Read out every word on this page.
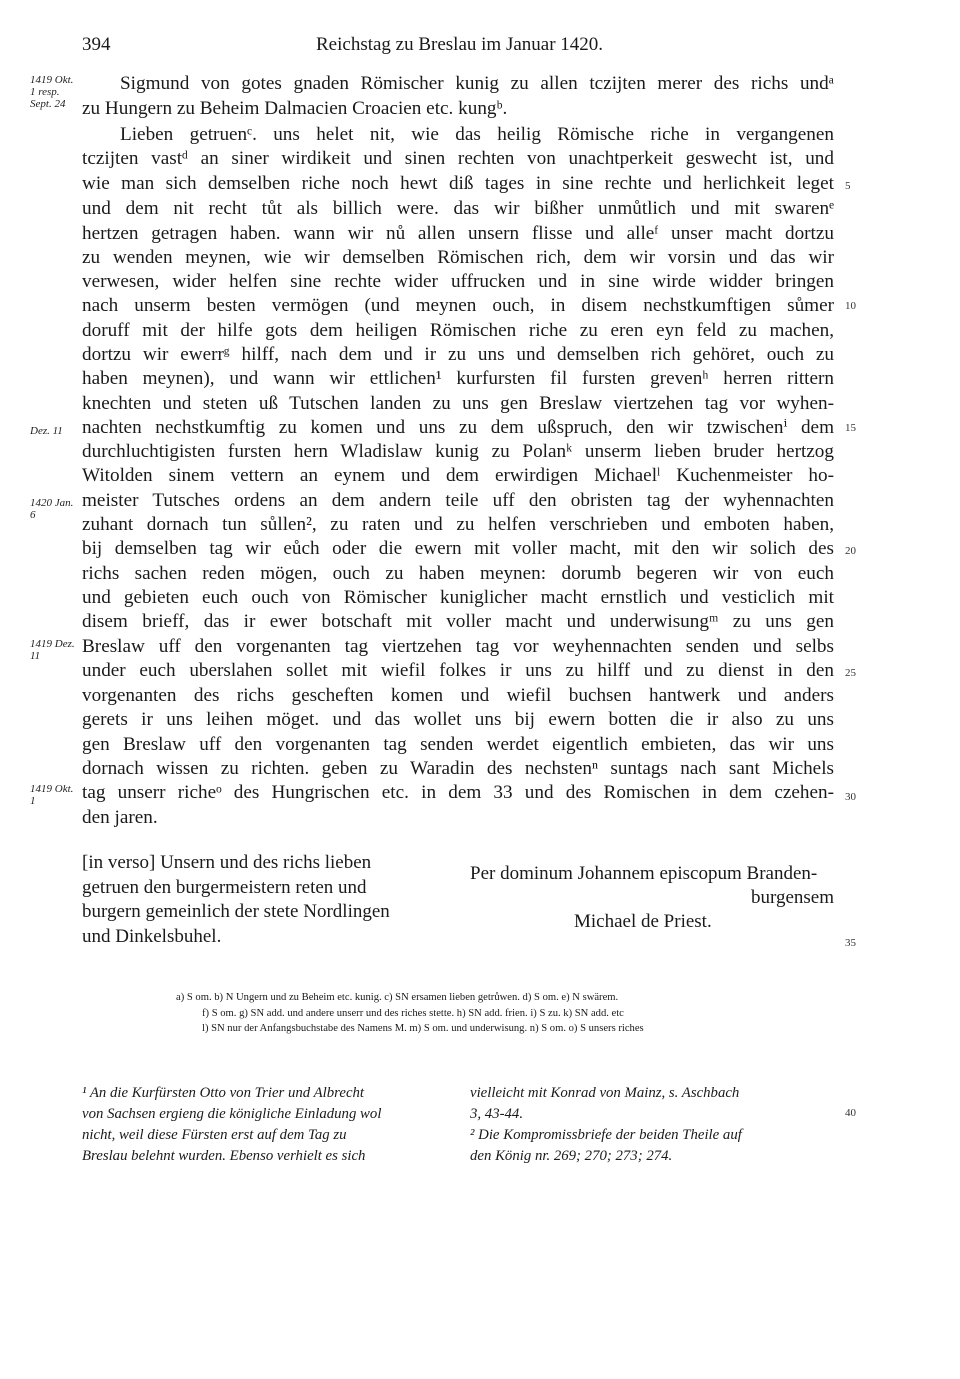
394	Reichstag zu Breslau im Januar 1420.
1419 Okt. 1 resp. Sept. 24
Dez. 11
1420 Jan. 6
1419 Dez. 11
1419 Okt. 1
5
10
15
20
25
30
35
40
Sigmund von gotes gnaden Römischer kunig zu allen tczijten merer des richs undᵃ
zu Hungern zu Beheim Dalmacien Croacien etc. kungᵇ.
Lieben getruenᶜ. uns helet nit, wie das heilig Römische riche in vergangenen
tczijten vastᵈ an siner wirdikeit und sinen rechten von unachtperkeit geswecht ist, und
wie man sich demselben riche noch hewt diß tages in sine rechte und herlichkeit leget
und dem nit recht tůt als billich were. das wir bißher unmůtlich und mit swarenᵉ
hertzen getragen haben. wann wir nů allen unsern flisse und alleᶠ unser macht dortzu
zu wenden meynen, wie wir demselben Römischen rich, dem wir vorsin und das wir
verwesen, wider helfen sine rechte wider uffrucken und in sine wirde widder bringen
nach unserm besten vermögen (und meynen ouch, in disem nechstkumftigen sůmer
doruff mit der hilfe gots dem heiligen Römischen riche zu eren eyn feld zu machen,
dortzu wir ewerrᵍ hilff, nach dem und ir zu uns und demselben rich gehöret, ouch zu
haben meynen), und wann wir ettlichen¹ kurfursten fil fursten grevenʰ herren rittern
knechten und steten uß Tutschen landen zu uns gen Breslaw viertzehen tag vor wyhen-
nachten nechstkumftig zu komen und uns zu dem ußspruch, den wir tzwischenⁱ dem
durchluchtigisten fursten hern Wladislaw kunig zu Polanᵏ unserm lieben bruder hertzog
Witolden sinem vettern an eynem und dem erwirdigen Michaelˡ Kuchenmeister ho-
meister Tutsches ordens an dem andern teile uff den obristen tag der wyhennachten
zuhant dornach tun sůllen², zu raten und zu helfen verschrieben und emboten haben,
bij demselben tag wir eůch oder die ewern mit voller macht, mit den wir solich des
richs sachen reden mögen, ouch zu haben meynen: dorumb begeren wir von euch
und gebieten euch ouch von Römischer kuniglicher macht ernstlich und vesticlich mit
disem brieff, das ir ewer botschaft mit voller macht und underwisungᵐ zu uns gen
Breslaw uff den vorgenanten tag viertzehen tag vor weyhennachten senden und selbs
under euch uberslahen sollet mit wiefil folkes ir uns zu hilff und zu dienst in den
vorgenanten des richs gescheften komen und wiefil buchsen hantwerk und anders
gerets ir uns leihen möget. und das wollet uns bij ewern botten die ir also zu uns
gen Breslaw uff den vorgenanten tag senden werdet eigentlich embieten, das wir uns
dornach wissen zu richten. geben zu Waradin des nechstenⁿ suntags nach sant Michels
tag unserr richeᵒ des Hungrischen etc. in dem 33 und des Romischen in dem czehen-
den jaren.
[in verso] Unsern und des richs lieben
getruen den burgermeistern reten und
burgern gemeinlich der stete Nordlingen
und Dinkelsbuhel.
Per dominum Johannem episcopum Branden-
burgensem
Michael de Priest.
a) S om. b) N Ungern und zu Beheim etc. kunig. c) SN ersamen lieben getrůwen. d) S om. e) N swärem.
f) S om. g) SN add. und andere unserr und des riches stette. h) SN add. frien. i) S zu. k) SN add. etc
l) SN nur der Anfangsbuchstabe des Namens M. m) S om. und underwisung. n) S om. o) S unsers riches
¹ An die Kurfürsten Otto von Trier und Albrecht
von Sachsen ergieng die königliche Einladung wol
nicht, weil diese Fürsten erst auf dem Tag zu
Breslau belehnt wurden. Ebenso verhielt es sich
vielleicht mit Konrad von Mainz, s. Aschbach
3, 43-44.
² Die Kompromissbriefe der beiden Theile auf
den König nr. 269; 270; 273; 274.
